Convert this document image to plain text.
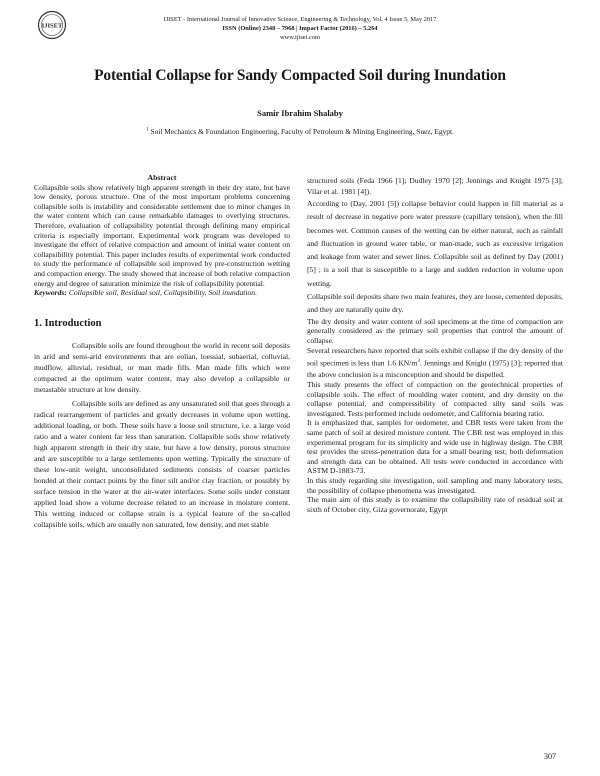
IJISET
IJISET - International Journal of Innovative Science, Engineering & Technology, Vol. 4 Issue 5, May 2017
ISSN (Online) 2348 – 7968 | Impact Factor (2016) – 5.264
www.ijiset.com
Potential Collapse for Sandy Compacted Soil during Inundation
Samir Ibrahim Shalaby
$^1$ Soil Mechanics & Foundation Engineering, Faculty of Petroleum & Mining Engineering, Suez, Egypt.

Abstract

Collapsible soils show relatively high apparent strength in their dry state, but have low density, porous structure. One of the most important problems concerning collapsible soils is instability and considerable settlement due to minor changes in the water content which can cause remarkable damages to overlying structures. Therefore, evaluation of collapsibility potential through defining many empirical criteria is especially important. Experimental work program was developed to investigate the effect of relative compaction and amount of initial water content on collapsibility potential. This paper includes results of experimental work conducted to study the performance of collapsible soil improved by pre-construction wetting and compaction energy. The study showed that increase of both relative compaction energy and degree of saturation minimize the risk of collapsibility potential.

Keywords: Collapsible soil, Residual soil, Collapsibility, Soil inundation.

1. Introduction

Collapsible soils are found throughout the world in recent soil deposits in arid and semi-arid environments that are eolian, loessial, subaerial, colluvial, mudflow, alluvial, residual, or man made fills. Man made fills which were compacted at the optimum water content, may also develop a collapsible or metastable structure at low density.

Collapsible soils are defined as any unsaturated soil that goes through a radical rearrangement of particles and greatly decreases in volume upon wetting, additional loading, or both. These soils have a loose soil structure, i.e. a large void ratio and a water content far less than saturation. Collapsible soils show relatively high apparent strength in their dry state, but have a low density, porous structure and are susceptible to a large settlements upon wetting. Typically the structure of these low-unit weight, unconsolidated sediments consists of coarser particles bonded at their contact points by the finer silt and/or clay fraction, or possibly by surface tension in the water at the air-water interfaces. Some soils under constant applied load show a volume decrease related to an increase in moisture content. This wetting induced or collapse strain is a typical feature of the so-called collapsible soils, which are usually non saturated, low density, and met stable

structured soils (Feda 1966 [1]; Dudley 1970 [2]; Jennings and Knight 1975 [3]; Vilar et al. 1981 [4]).

According to (Day, 2001 [5]) collapse behavior could happen in fill material as a result of decrease in negative pore water pressure (capillary tension), when the fill becomes wet. Common causes of the wetting can be either natural, such as rainfall and fluctuation in ground water table, or man-made, such as excessive irrigation and leakage from water and sewer lines. Collapsible soil as defined by Day (2001) [5] ; is a soil that is susceptible to a large and sudden reduction in volume upon wetting.

Collapsible soil deposits share two main features, they are loose, cemented deposits, and they are naturally quite dry.

The dry density and water content of soil specimens at the time of compaction are generally considered as the primary soil properties that control the amount of collapse.

Several researchers have reported that soils exhibit collapse if the dry density of the soil specimen is less than 1.6 $KN/m^3$. Jennings and Knight (1975) [3]; reported that the above conclusion is a misconception and should be dispelled.

This study presents the effect of compaction on the geotechnical properties of collapsible soils. The effect of moulding water content, and dry density on the collapse potential, and compressibility of compacted silty sand soils was investigated. Tests performed include oedometer, and California bearing ratio.

It is emphasized that, samples for oedometer, and CBR tests were taken from the same patch of soil at desired moisture content. The CBR test was employed in this experimental program for its simplicity and wide use in highway design. The CBR test provides the stress-penetration data for a small bearing test; both deformation and strength data can be obtained. All tests were conducted in accordance with ASTM D-1883-73.

In this study regarding site investigation, soil sampling and many laboratory tests, the possibility of collapse phenomena was investigated.

The main aim of this study is to examine the collapsibility rate of residual soil at sixth of October city, Giza governorate, Egypt

307
